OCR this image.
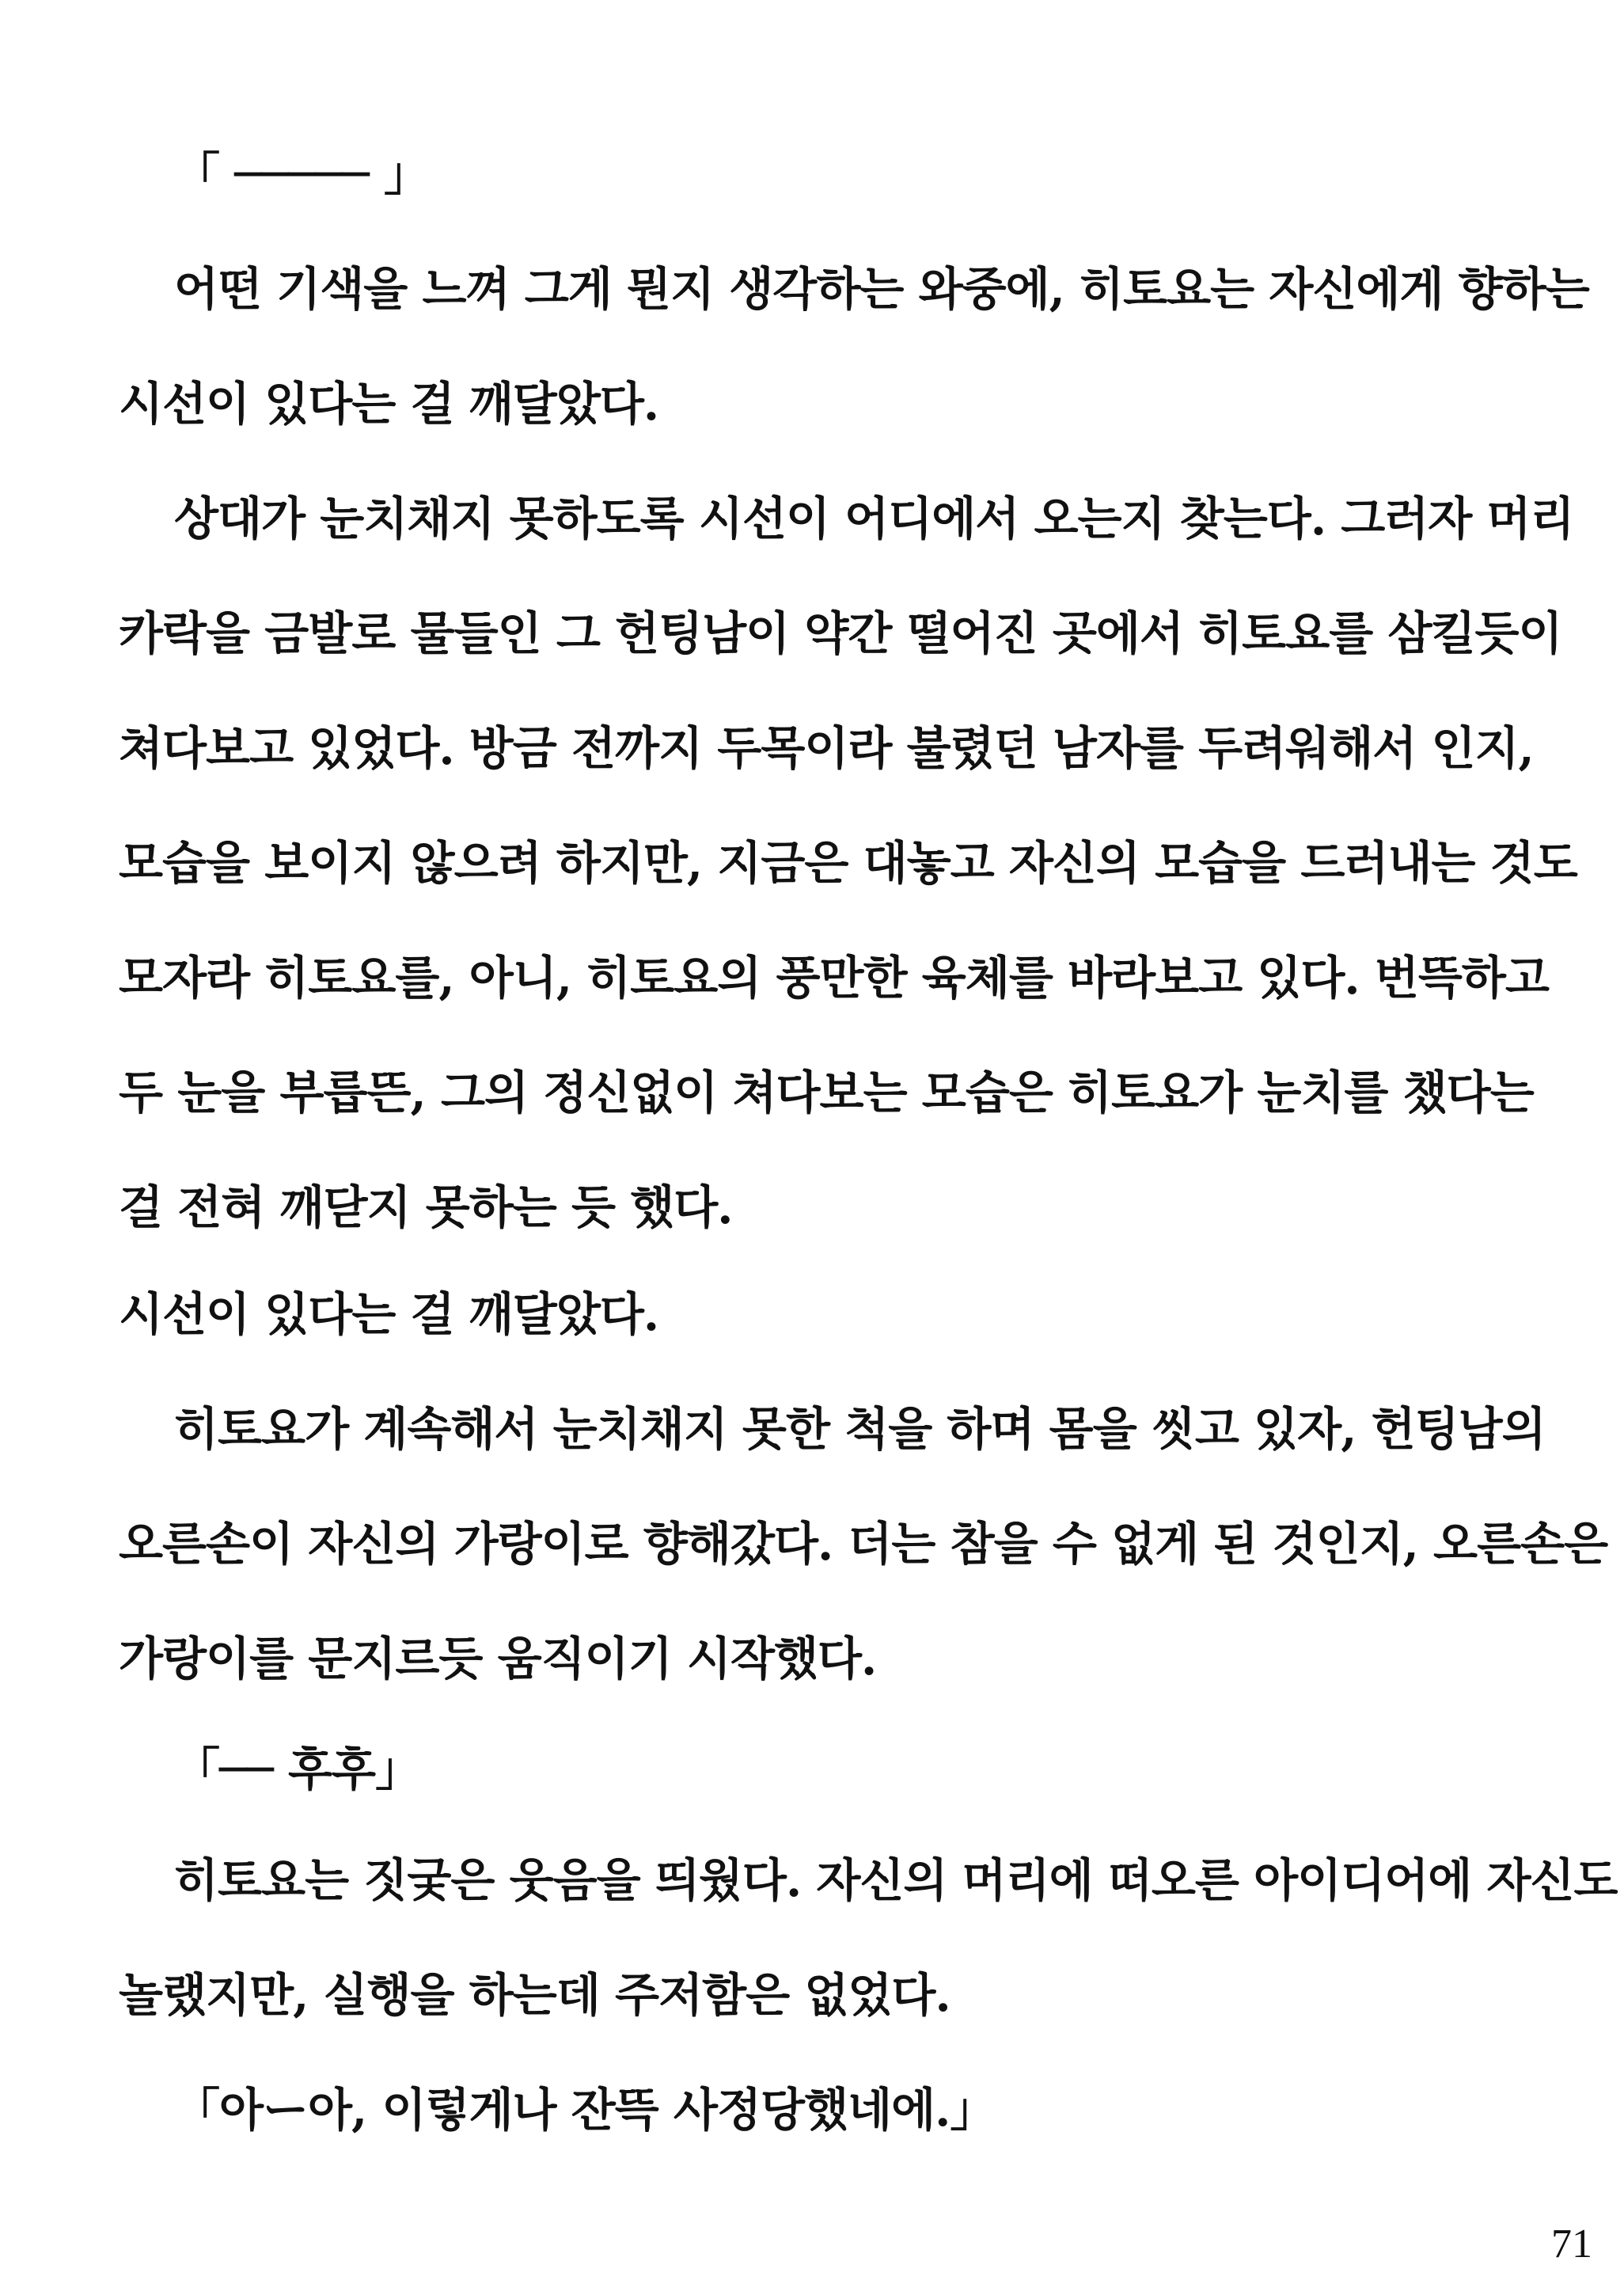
「 ───── 」
어떤 기색을 느껴 그게 뭔지 생각하는 와중에, 히토요는 자신에게 향하는
시선이 있다는 걸 깨달았다.
상대가 눈치채지 못하도록 시선이 어디에서 오는지 찾는다. 그러자 머리
카락을 금발로 물들인 그 헌팅남이 약간 떨어진 곳에서 히토요를 삼킬듯이
쳐다보고 있었다. 방금 전까지 두목이라 불렸던 남자를 두려워해서 인지,
모습을 보이지 않으려 하지만, 지금은 대놓고 자신의 모습을 드러내는 것도
모자라 히토요를, 아니, 히토요의 풍만한 육체를 바라보고 있다. 번뜩하고
두 눈을 부릅뜬, 그의 정신없이 쳐다보는 모습은 히토요가 눈치를 챘다는
걸 전혀 깨닫지 못하는 듯 했다.
시선이 있다는 걸 깨달았다.
히토요가 계속해서 눈치채지 못한 척을 하며 몸을 씻고 있자, 헌팅남의
오른손이 자신의 가랑이로 향해갔다. 더는 참을 수 없게 된 것인지, 오른손은
가랑이를 문지르듯 움직이기 시작했다.
「── 후후」
히토요는 짓궂은 웃음을 띄웠다. 자신의 머리에 떠오른 아이디어에 자신도
놀랬지만, 실행을 하는데 주저함은 없었다.
「아ー아, 이렇게나 잔뜩 사정당했네에.」
71
